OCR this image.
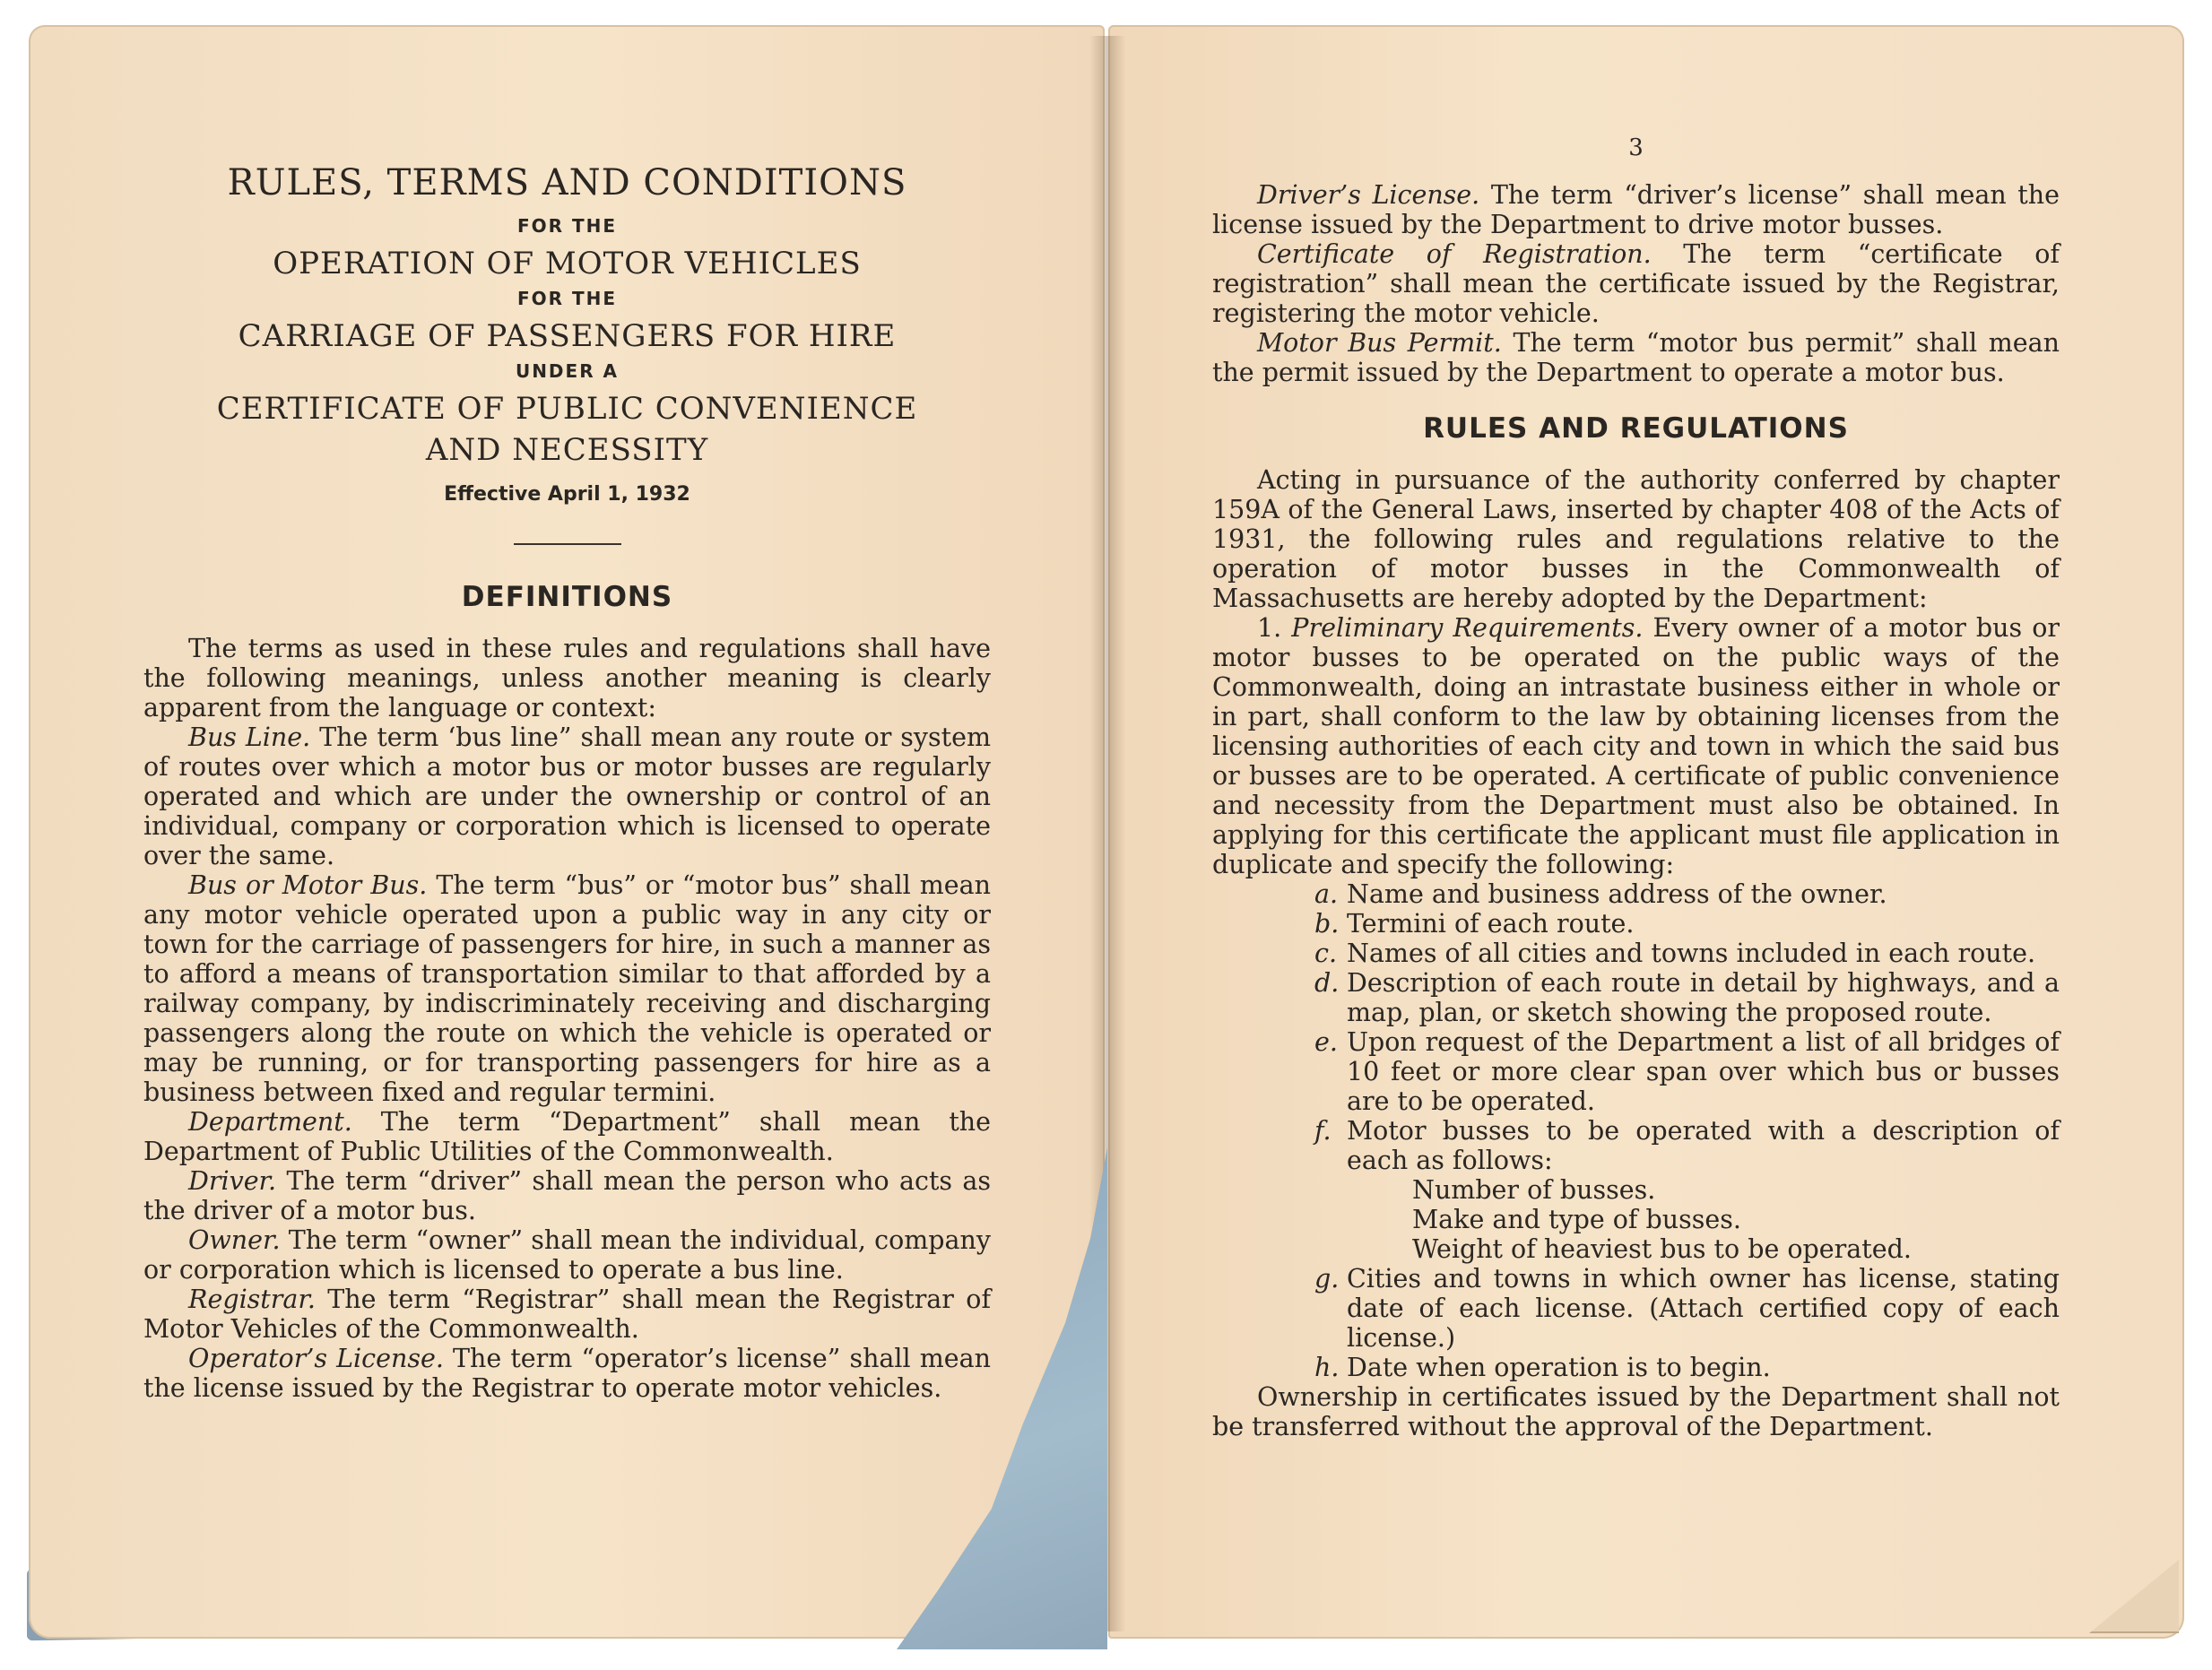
RULES, TERMS AND CONDITIONS
FOR THE
OPERATION OF MOTOR VEHICLES
FOR THE
CARRIAGE OF PASSENGERS FOR HIRE
UNDER A
CERTIFICATE OF PUBLIC CONVENIENCE
AND NECESSITY
Effective April 1, 1932
DEFINITIONS

The terms as used in these rules and regulations shall have the following meanings, unless another meaning is clearly apparent from the language or context:

Bus Line. The term ‘bus line” shall mean any route or system of routes over which a motor bus or motor busses are regularly operated and which are under the ownership or control of an individual, company or corporation which is licensed to operate over the same.

Bus or Motor Bus. The term “bus” or “motor bus” shall mean any motor vehicle operated upon a public way in any city or town for the carriage of passengers for hire, in such a manner as to afford a means of transportation similar to that afforded by a railway company, by indiscriminately receiving and discharging passengers along the route on which the vehicle is operated or may be running, or for transporting passengers for hire as a business between fixed and regular termini.

Department. The term “Department” shall mean the Department of Public Utilities of the Commonwealth.

Driver. The term “driver” shall mean the person who acts as the driver of a motor bus.

Owner. The term “owner” shall mean the individual, company or corporation which is licensed to operate a bus line.

Registrar. The term “Registrar” shall mean the Registrar of Motor Vehicles of the Commonwealth.

Operator’s License. The term “operator’s license” shall mean the license issued by the Registrar to operate motor vehicles.

3

Driver’s License. The term “driver’s license” shall mean the license issued by the Department to drive motor busses.

Certificate of Registration. The term “certificate of registration” shall mean the certificate issued by the Registrar, registering the motor vehicle.

Motor Bus Permit. The term “motor bus permit” shall mean the permit issued by the Department to operate a motor bus.

RULES AND REGULATIONS

Acting in pursuance of the authority conferred by chapter 159A of the General Laws, inserted by chapter 408 of the Acts of 1931, the following rules and regulations relative to the operation of motor busses in the Commonwealth of Massachusetts are hereby adopted by the Department:

1. Preliminary Requirements. Every owner of a motor bus or motor busses to be operated on the public ways of the Commonwealth, doing an intrastate business either in whole or in part, shall conform to the law by obtaining licenses from the licensing authorities of each city and town in which the said bus or busses are to be operated. A certificate of public convenience and necessity from the Department must also be obtained. In applying for this certificate the applicant must file application in duplicate and specify the following:

a. Name and business address of the owner.

b. Termini of each route.

c. Names of all cities and towns included in each route.

d. Description of each route in detail by highways, and a map, plan, or sketch showing the proposed route.

e. Upon request of the Department a list of all bridges of 10 feet or more clear span over which bus or busses are to be operated.

f. Motor busses to be operated with a description of each as follows:

Number of busses.

Make and type of busses.

Weight of heaviest bus to be operated.

g. Cities and towns in which owner has license, stating date of each license. (Attach certified copy of each license.)

h. Date when operation is to begin.

Ownership in certificates issued by the Department shall not be transferred without the approval of the Department.
